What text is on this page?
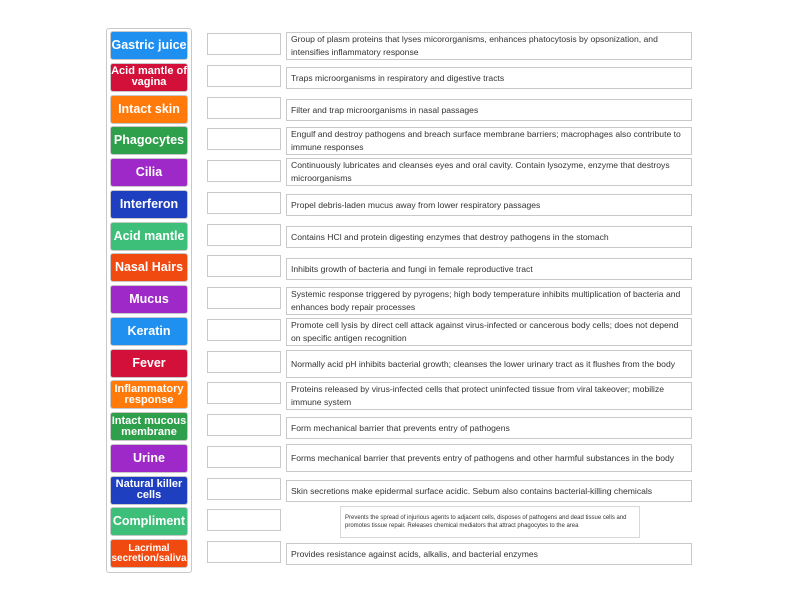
Gastric juice
Acid mantle of vagina
Intact skin
Phagocytes
Cilia
Interferon
Acid mantle
Nasal Hairs
Mucus
Keratin
Fever
Inflammatory response
Intact mucous membrane
Urine
Natural killer cells
Compliment
Lacrimal secretion/saliva
Group of plasm proteins that lyses micororganisms, enhances phatocytosis by opsonization, and intensifies inflammatory response
Traps microorganisms in respiratory and digestive tracts
Filter and trap microorganisms in nasal passages
Engulf and destroy pathogens and breach surface membrane barriers; macrophages also contribute to immune responses
Continuously lubricates and cleanses eyes and oral cavity. Contain lysozyme, enzyme that destroys microorganisms
Propel debris-laden mucus away from lower respiratory passages
Contains HCl and protein digesting enzymes that destroy pathogens in the stomach
Inhibits growth of bacteria and fungi in female reproductive tract
Systemic response triggered by pyrogens; high body temperature inhibits multiplication of bacteria and enhances body repair processes
Promote cell lysis by direct cell attack against virus-infected or cancerous body cells; does not depend on specific antigen recognition
Normally acid pH inhibits bacterial growth; cleanses the lower urinary tract as it flushes from the body
Proteins released by virus-infected cells that protect uninfected tissue from viral takeover; mobilize immune system
Form mechanical barrier that prevents entry of pathogens
Forms mechanical barrier that prevents entry of pathogens and other harmful substances in the body
Skin secretions make epidermal surface acidic. Sebum also contains bacterial-killing chemicals
Prevents the spread of injurious agents to adjacent cells, disposes of pathogens and dead tissue cells and promotes tissue repair. Releases chemical mediators that attract phagocytes to the area
Provides resistance against acids, alkalis, and bacterial enzymes
